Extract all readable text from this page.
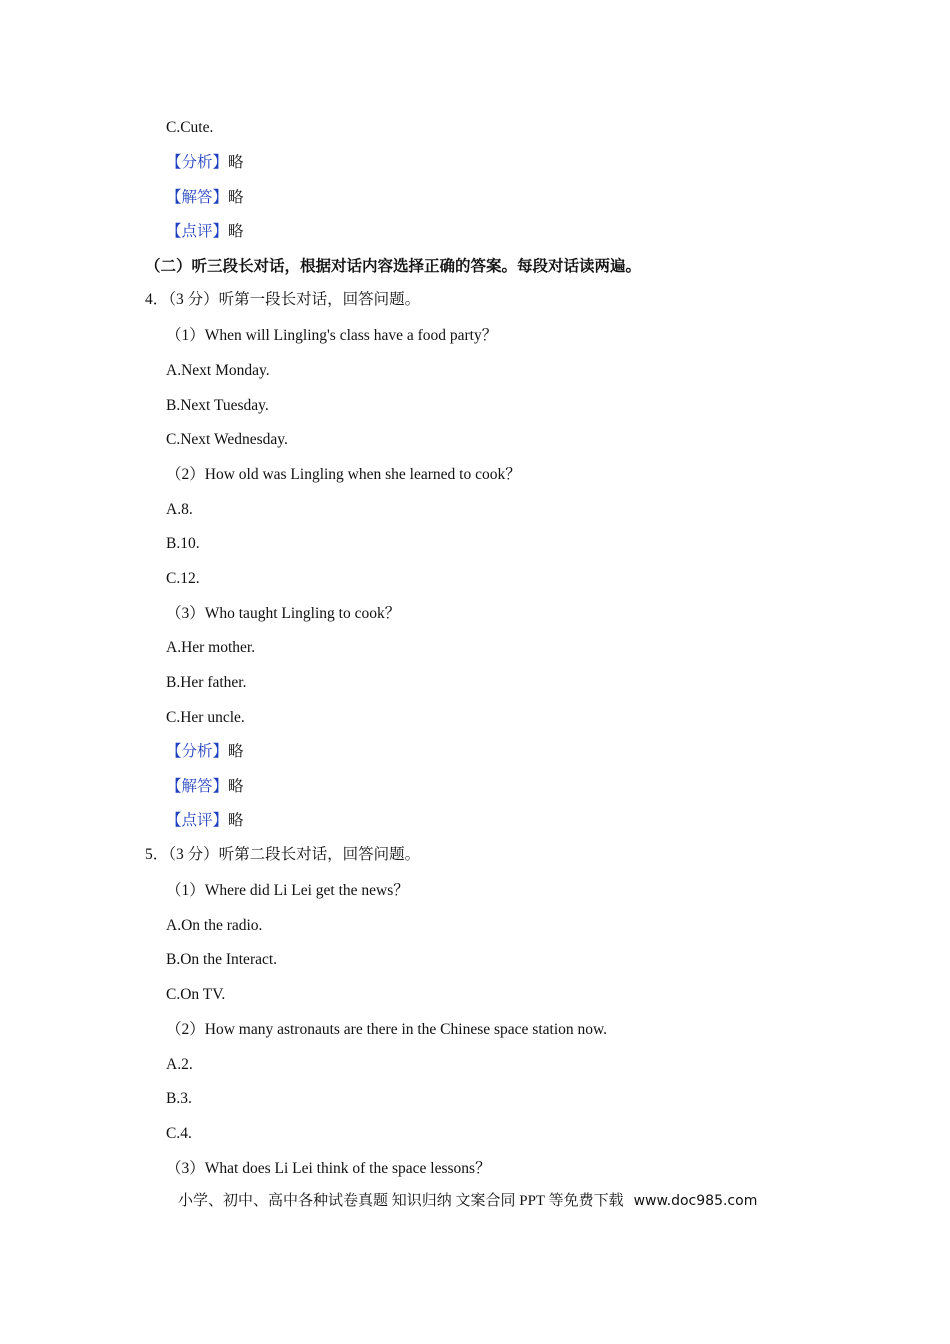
C.Cute.
【分析】略
【解答】略
【点评】略
（二）听三段长对话，根据对话内容选择正确的答案。每段对话读两遍。
4．（3 分）听第一段长对话，回答问题。
（1）When will Lingling's class have a food party？
A.Next Monday.
B.Next Tuesday.
C.Next Wednesday.
（2）How old was Lingling when she learned to cook？
A.8.
B.10.
C.12.
（3）Who taught Lingling to cook？
A.Her mother.
B.Her father.
C.Her uncle.
【分析】略
【解答】略
【点评】略
5．（3 分）听第二段长对话，回答问题。
（1）Where did Li Lei get the news？
A.On the radio.
B.On the Interact.
C.On TV.
（2）How many astronauts are there in the Chinese space station now.
A.2.
B.3.
C.4.
（3）What does Li Lei think of the space lessons？
小学、初中、高中各种试卷真题 知识归纳 文案合同 PPT 等免费下载 www.doc985.com
